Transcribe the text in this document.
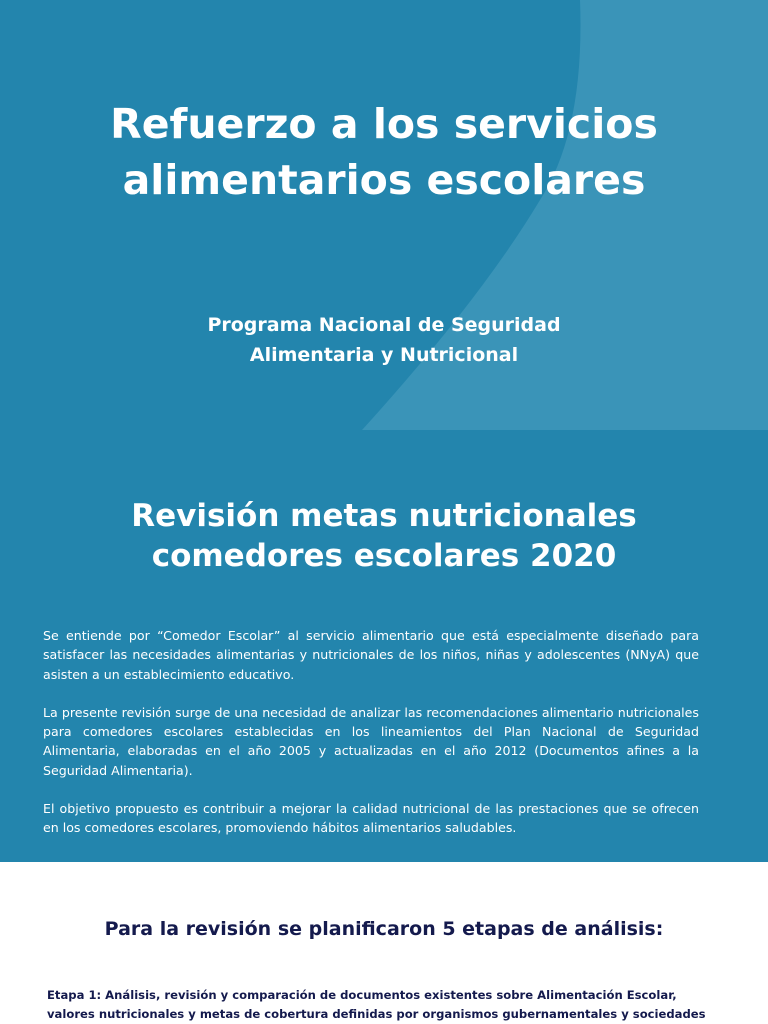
Refuerzo a los servicios
alimentarios escolares
Programa Nacional de Seguridad
Alimentaria y Nutricional
Revisión metas nutricionales
comedores escolares 2020

Se entiende por “Comedor Escolar” al servicio alimentario que está especialmente diseñado para satisfacer las necesidades alimentarias y nutricionales de los niños, niñas y adolescentes (NNyA) que asisten a un establecimiento educativo.

La presente revisión surge de una necesidad de analizar las recomendaciones alimentario nutricionales para comedores escolares establecidas en los lineamientos del Plan Nacional de Seguridad Alimentaria, elaboradas en el año 2005 y actualizadas en el año 2012 (Documentos afines a la Seguridad Alimentaria).

El objetivo propuesto es contribuir a mejorar la calidad nutricional de las prestaciones que se ofrecen en los comedores escolares, promoviendo hábitos alimentarios saludables.

Para la revisión se planificaron 5 etapas de análisis:

Etapa 1: Análisis, revisión y comparación de documentos existentes sobre Alimentación Escolar,
valores nutricionales y metas de cobertura definidas por organismos gubernamentales y sociedades
